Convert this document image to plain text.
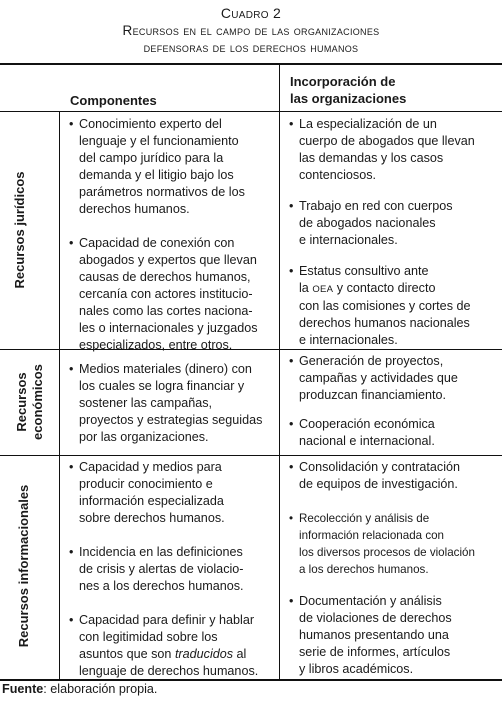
Cuadro 2
Recursos en el campo de las organizaciones
defensoras de los derechos humanos
Componentes
Incorporación de
las organizaciones
Recursos jurídicos
Recursos económicos
Recursos informacionales
• Conocimiento experto del
lenguaje y el funcionamiento
del campo jurídico para la
demanda y el litigio bajo los
parámetros normativos de los
derechos humanos.
• Capacidad de conexión con
abogados y expertos que llevan
causas de derechos humanos,
cercanía con actores institucio-
nales como las cortes naciona-
les o internacionales y juzgados
especializados, entre otros.
• La especialización de un
cuerpo de abogados que llevan
las demandas y los casos
contenciosos.
• Trabajo en red con cuerpos
de abogados nacionales
e internacionales.
• Estatus consultivo ante
la OEA y contacto directo
con las comisiones y cortes de
derechos humanos nacionales
e internacionales.
• Medios materiales (dinero) con
los cuales se logra financiar y
sostener las campañas,
proyectos y estrategias seguidas
por las organizaciones.
• Generación de proyectos,
campañas y actividades que
produzcan financiamiento.
• Cooperación económica
nacional e internacional.
• Capacidad y medios para
producir conocimiento e
información especializada
sobre derechos humanos.
• Incidencia en las definiciones
de crisis y alertas de violacio-
nes a los derechos humanos.
• Capacidad para definir y hablar
con legitimidad sobre los
asuntos que son traducidos al
lenguaje de derechos humanos.
• Consolidación y contratación
de equipos de investigación.
• Recolección y análisis de
información relacionada con
los diversos procesos de violación
a los derechos humanos.
• Documentación y análisis
de violaciones de derechos
humanos presentando una
serie de informes, artículos
y libros académicos.
Fuente: elaboración propia.
